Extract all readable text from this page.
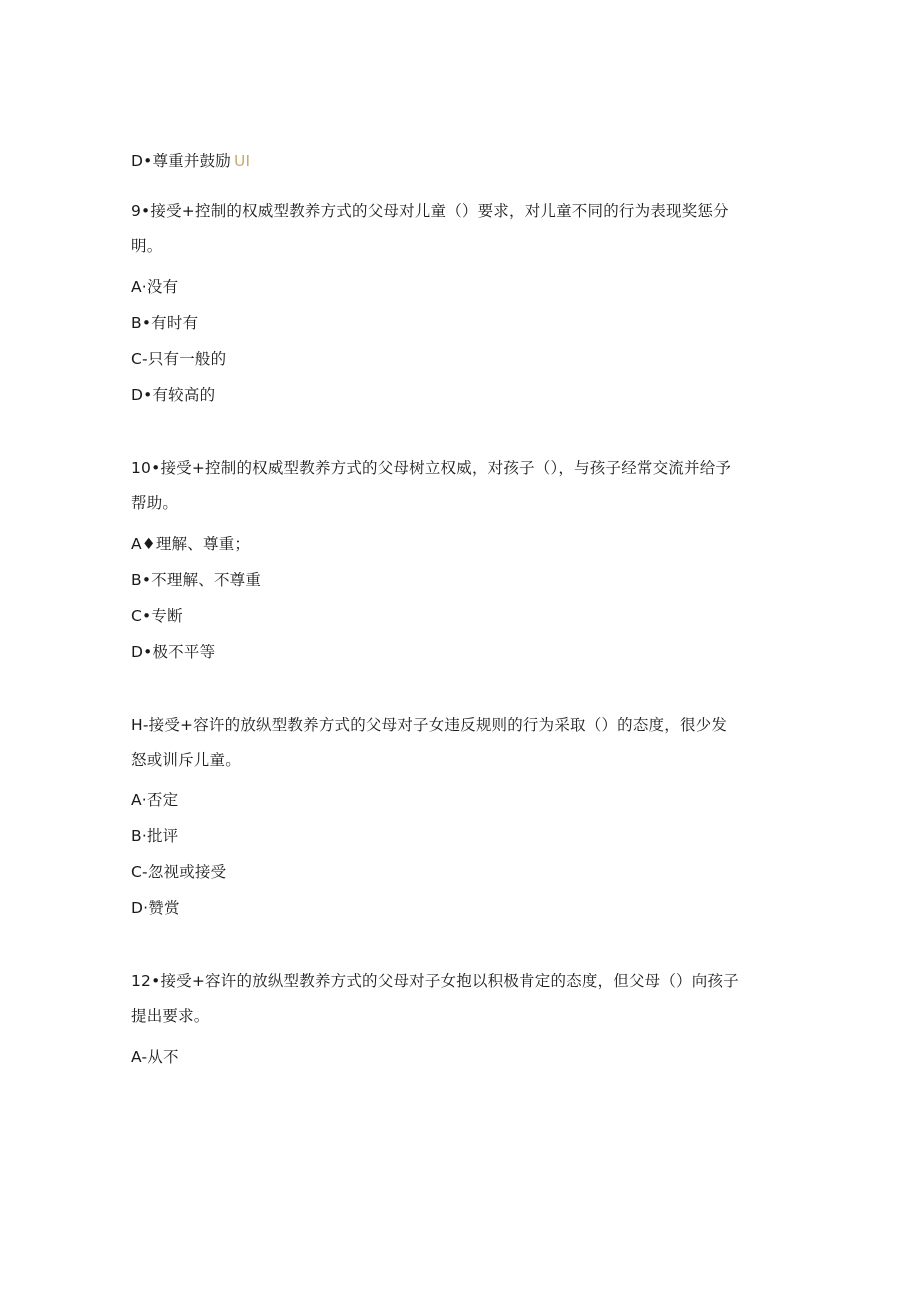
D•尊重并鼓励 UI
9•接受+控制的权威型教养方式的父母对儿童（）要求，对儿童不同的行为表现奖惩分
明。
A·没有
B•有时有
C-只有一般的
D•有较高的
10•接受+控制的权威型教养方式的父母树立权威，对孩子（），与孩子经常交流并给予
帮助。
A♦理解、尊重；
B•不理解、不尊重
C•专断
D•极不平等
H-接受+容许的放纵型教养方式的父母对子女违反规则的行为采取（）的态度，很少发
怒或训斥儿童。
A·否定
B·批评
C-忽视或接受
D·赞赏
12•接受+容许的放纵型教养方式的父母对子女抱以积极肯定的态度，但父母（）向孩子
提出要求。
A-从不
